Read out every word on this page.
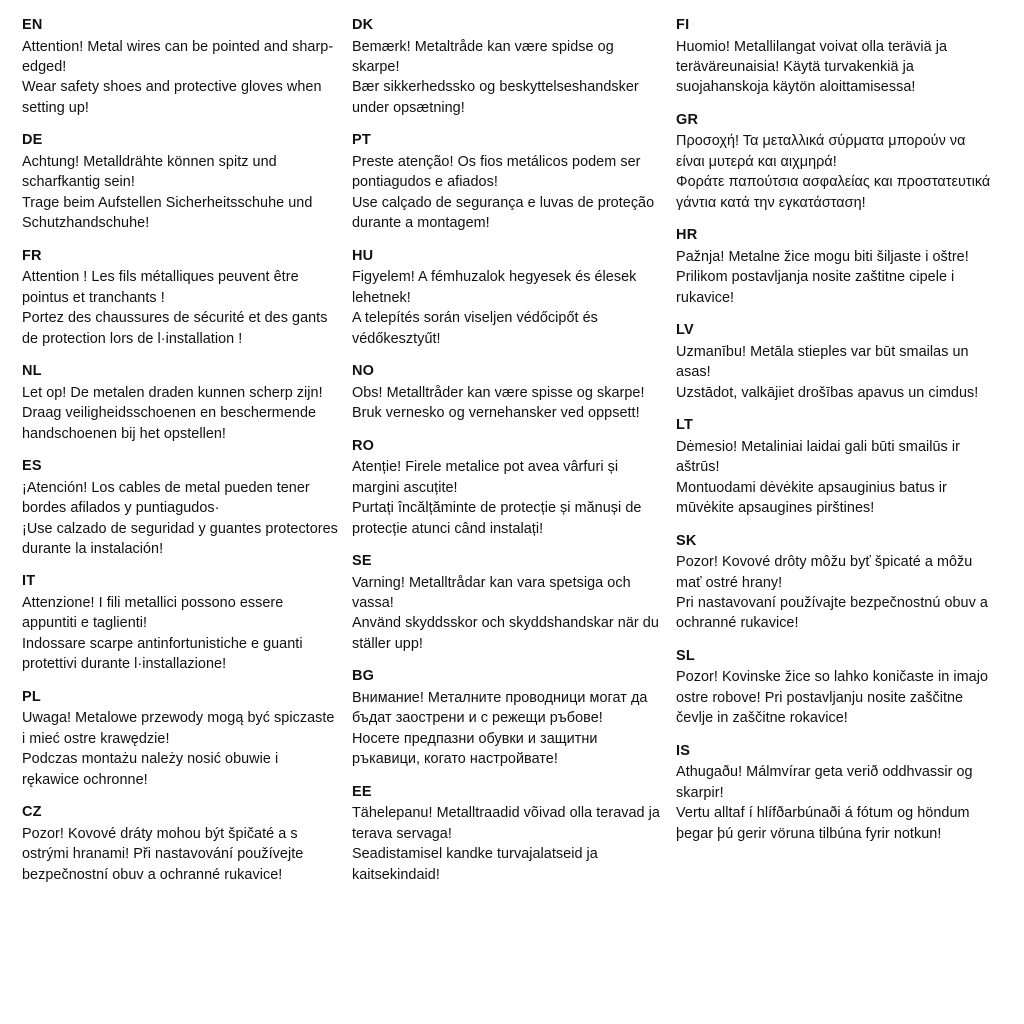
EN
Attention! Metal wires can be pointed and sharp-edged!
Wear safety shoes and protective gloves when setting up!
DE
Achtung! Metalldrähte können spitz und scharfkantig sein!
Trage beim Aufstellen Sicherheitsschuhe und Schutzhandschuhe!
FR
Attention ! Les fils métalliques peuvent être pointus et tranchants !
Portez des chaussures de sécurité et des gants de protection lors de l·installation !
NL
Let op! De metalen draden kunnen scherp zijn!
Draag veiligheidsschoenen en beschermende handschoenen bij het opstellen!
ES
¡Atención! Los cables de metal pueden tener bordes afilados y puntiagudos·
¡Use calzado de seguridad y guantes protectores durante la instalación!
IT
Attenzione! I fili metallici possono essere appuntiti e taglienti!
Indossare scarpe antinfortunistiche e guanti protettivi durante l·installazione!
PL
Uwaga! Metalowe przewody mogą być spiczaste i mieć ostre krawędzie!
Podczas montażu należy nosić obuwie i rękawice ochronne!
CZ
Pozor! Kovové dráty mohou být špičaté a s ostrými hranami! Při nastavování používejte bezpečnostní obuv a ochranné rukavice!
DK
Bemærk! Metaltråde kan være spidse og skarpe!
Bær sikkerhedssko og beskyttelseshandsker under opsætning!
PT
Preste atenção! Os fios metálicos podem ser pontiagudos e afiados!
Use calçado de segurança e luvas de proteção durante a montagem!
HU
Figyelem! A fémhuzalok hegyesek és élesek lehetnek!
A telepítés során viseljen védőcipőt és védőkesztyűt!
NO
Obs! Metalltråder kan være spisse og skarpe!
Bruk vernesko og vernehansker ved oppsett!
RO
Atenție! Firele metalice pot avea vârfuri și margini ascuțite!
Purtați încălțăminte de protecție și mănuși de protecție atunci când instalați!
SE
Varning! Metalltrådar kan vara spetsiga och vassa!
Använd skyddsskor och skyddshandskar när du ställer upp!
BG
Внимание! Металните проводници могат да бъдат заострени и с режещи ръбове!
Носете предпазни обувки и защитни ръкавици, когато настройвате!
EE
Tähelepanu! Metalltraadid võivad olla teravad ja terava servaga!
Seadistamisel kandke turvajalatseid ja kaitsekindaid!
FI
Huomio! Metallilangat voivat olla teräviä ja teräväreunaisia! Käytä turvakenkiä ja suojahanskoja käytön aloittamisessa!
GR
Προσοχή! Τα μεταλλικά σύρματα μπορούν να είναι μυτερά και αιχμηρά!
Φοράτε παπούτσια ασφαλείας και προστατευτικά γάντια κατά την εγκατάσταση!
HR
Pažnja! Metalne žice mogu biti šiljaste i oštre!
Prilikom postavljanja nosite zaštitne cipele i rukavice!
LV
Uzmanību! Metāla stieples var būt smailas un asas!
Uzstādot, valkājiet drošības apavus un cimdus!
LT
Dėmesio! Metaliniai laidai gali būti smailūs ir aštrūs!
Montuodami dėvėkite apsauginius batus ir mūvėkite apsaugines pirštines!
SK
Pozor! Kovové drôty môžu byť špicaté a môžu mať ostré hrany!
Pri nastavovaní používajte bezpečnostnú obuv a ochranné rukavice!
SL
Pozor! Kovinske žice so lahko koničaste in imajo ostre robove! Pri postavljanju nosite zaščitne čevlje in zaščitne rokavice!
IS
Athugaðu! Málmvírar geta verið oddhvassir og skarpir!
Vertu alltaf í hlífðarbúnaði á fótum og höndum þegar þú gerir vöruna tilbúna fyrir notkun!
